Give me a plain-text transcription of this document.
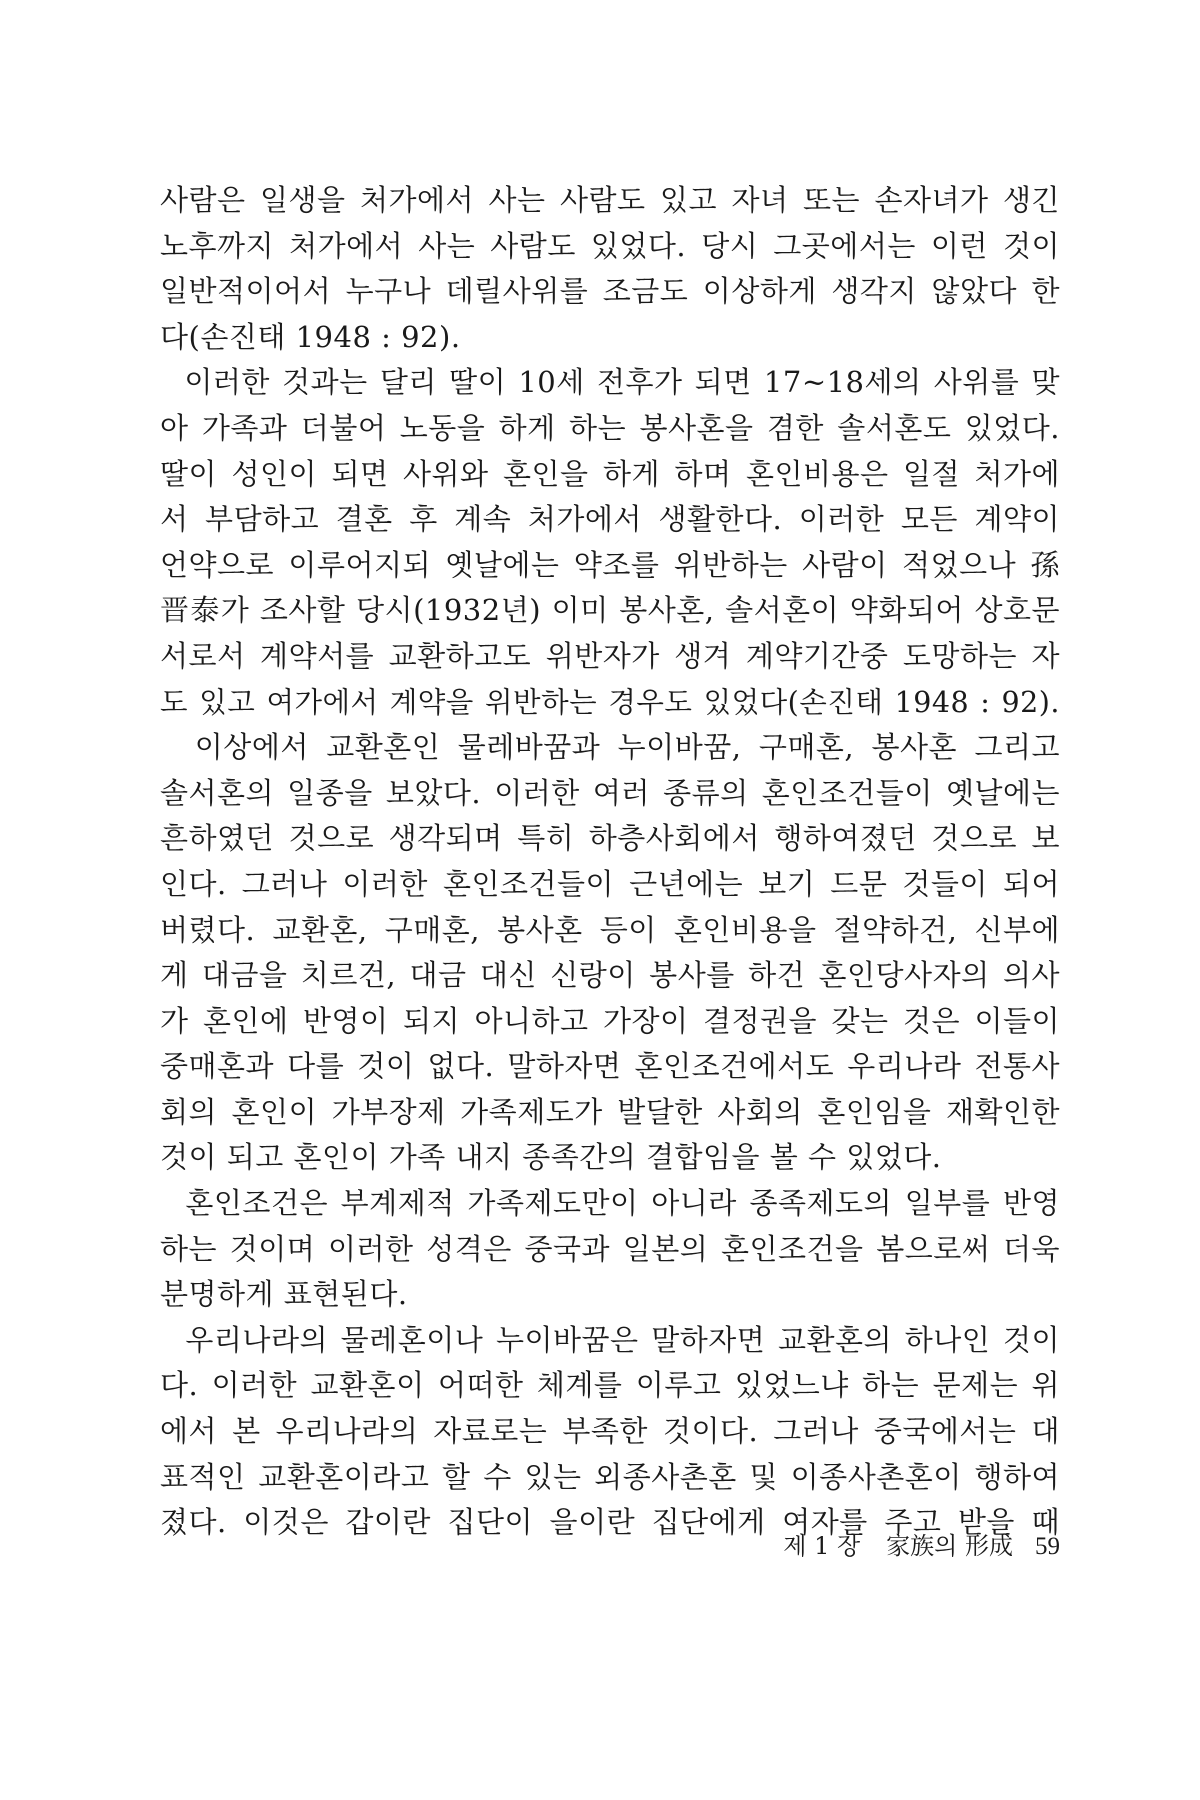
사람은 일생을 처가에서 사는 사람도 있고 자녀 또는 손자녀가 생긴
노후까지 처가에서 사는 사람도 있었다. 당시 그곳에서는 이런 것이
일반적이어서 누구나 데릴사위를 조금도 이상하게 생각지 않았다 한
다(손진태 1948 : 92).
이러한 것과는 달리 딸이 10세 전후가 되면 17~18세의 사위를 맞
아 가족과 더불어 노동을 하게 하는 봉사혼을 겸한 솔서혼도 있었다.
딸이 성인이 되면 사위와 혼인을 하게 하며 혼인비용은 일절 처가에
서 부담하고 결혼 후 계속 처가에서 생활한다. 이러한 모든 계약이
언약으로 이루어지되 옛날에는 약조를 위반하는 사람이 적었으나 孫
晋泰가 조사할 당시(1932년) 이미 봉사혼, 솔서혼이 약화되어 상호문
서로서 계약서를 교환하고도 위반자가 생겨 계약기간중 도망하는 자
도 있고 여가에서 계약을 위반하는 경우도 있었다(손진태 1948 : 92).
이상에서 교환혼인 물레바꿈과 누이바꿈, 구매혼, 봉사혼 그리고
솔서혼의 일종을 보았다. 이러한 여러 종류의 혼인조건들이 옛날에는
흔하였던 것으로 생각되며 특히 하층사회에서 행하여졌던 것으로 보
인다. 그러나 이러한 혼인조건들이 근년에는 보기 드문 것들이 되어
버렸다. 교환혼, 구매혼, 봉사혼 등이 혼인비용을 절약하건, 신부에
게 대금을 치르건, 대금 대신 신랑이 봉사를 하건 혼인당사자의 의사
가 혼인에 반영이 되지 아니하고 가장이 결정권을 갖는 것은 이들이
중매혼과 다를 것이 없다. 말하자면 혼인조건에서도 우리나라 전통사
회의 혼인이 가부장제 가족제도가 발달한 사회의 혼인임을 재확인한
것이 되고 혼인이 가족 내지 종족간의 결합임을 볼 수 있었다.
혼인조건은 부계제적 가족제도만이 아니라 종족제도의 일부를 반영
하는 것이며 이러한 성격은 중국과 일본의 혼인조건을 봄으로써 더욱
분명하게 표현된다.
우리나라의 물레혼이나 누이바꿈은 말하자면 교환혼의 하나인 것이
다. 이러한 교환혼이 어떠한 체계를 이루고 있었느냐 하는 문제는 위
에서 본 우리나라의 자료로는 부족한 것이다. 그러나 중국에서는 대
표적인 교환혼이라고 할 수 있는 외종사촌혼 및 이종사촌혼이 행하여
졌다. 이것은 갑이란 집단이 을이란 집단에게 여자를 주고 받을 때
제 1 장 家族의 形成 59
